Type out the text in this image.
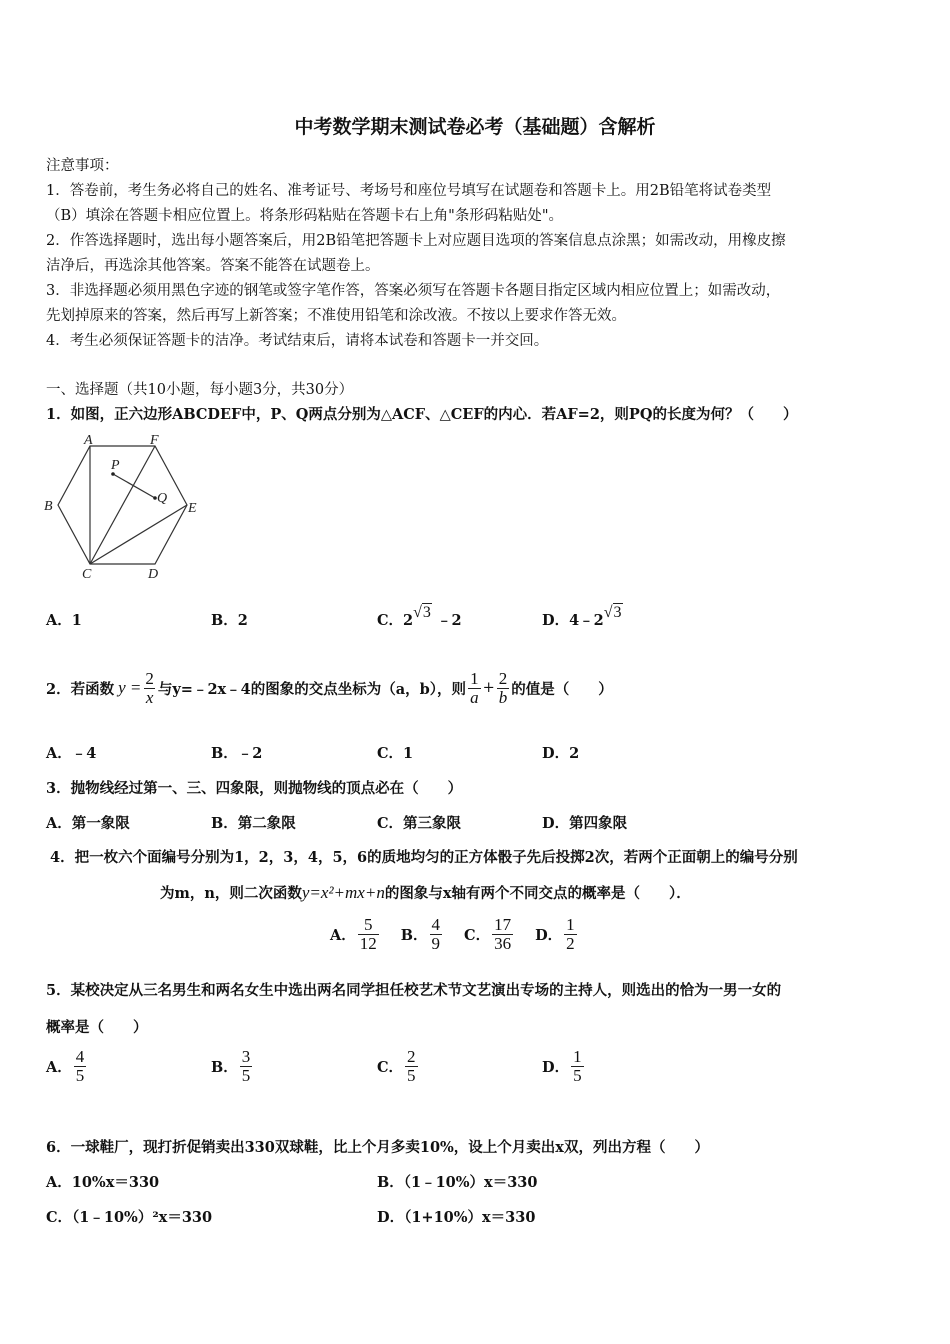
中考数学期末测试卷必考（基础题）含解析
注意事项：
1．答卷前，考生务必将自己的姓名、准考证号、考场号和座位号填写在试题卷和答题卡上。用2B铅笔将试卷类型
（B）填涂在答题卡相应位置上。将条形码粘贴在答题卡右上角"条形码粘贴处"。
2．作答选择题时，选出每小题答案后，用2B铅笔把答题卡上对应题目选项的答案信息点涂黑；如需改动，用橡皮擦
洁净后，再选涂其他答案。答案不能答在试题卷上。
3．非选择题必须用黑色字迹的钢笔或签字笔作答，答案必须写在答题卡各题目指定区域内相应位置上；如需改动，
先划掉原来的答案，然后再写上新答案；不准使用铅笔和涂改液。不按以上要求作答无效。
4．考生必须保证答题卡的洁净。考试结束后，请将本试卷和答题卡一并交回。
一、选择题（共10小题，每小题3分，共30分）
1．如图，正六边形ABCDEF中，P、Q两点分别为△ACF、△CEF的内心．若AF=2，则PQ的长度为何？（　　）
A	F
P
Q
B	E
C	D
A．1	B．2	C．2√3 ﹣2	D．4﹣2√3
2．若函数 $y = \frac{2}{x}$ 与y=﹣2x﹣4的图象的交点坐标为（a，b），则 $\frac{1}{a} + \frac{2}{b}$ 的值是（　　）
A．﹣4	B．﹣2	C．1	D．2
3．抛物线经过第一、三、四象限，则抛物线的顶点必在（　　）
A．第一象限	B．第二象限	C．第三象限	D．第四象限
4．把一枚六个面编号分别为1，2，3，4，5，6的质地均匀的正方体骰子先后投掷2次，若两个正面朝上的编号分别
为m，n，则二次函数y=x²+mx+n的图象与x轴有两个不同交点的概率是（　　）．
A． $\frac{5}{12}$ B． $\frac{4}{9}$ C． $\frac{17}{36}$ D． $\frac{1}{2}$
5．某校决定从三名男生和两名女生中选出两名同学担任校艺术节文艺演出专场的主持人，则选出的恰为一男一女的
概率是（　　）
A． $\frac{4}{5}$	B． $\frac{3}{5}$	C． $\frac{2}{5}$	D． $\frac{1}{5}$
6．一球鞋厂，现打折促销卖出330双球鞋，比上个月多卖10%，设上个月卖出x双，列出方程（　　）
A．10%x＝330	B．（1﹣10%）x＝330
C．（1﹣10%）²x＝330	D．（1+10%）x＝330
